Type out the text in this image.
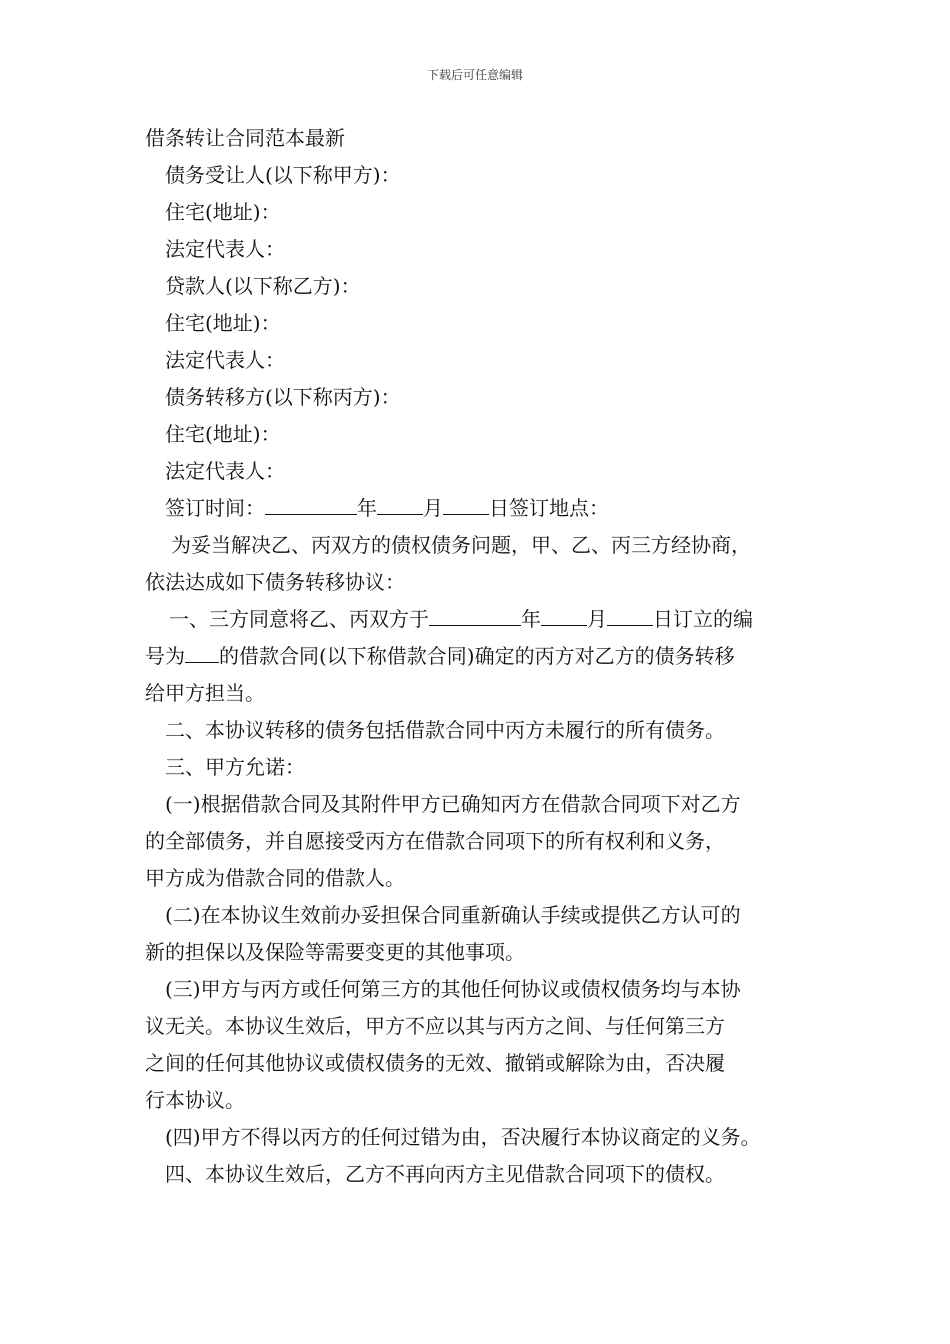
下载后可任意编辑
借条转让合同范本最新
债务受让人(以下称甲方)：
住宅(地址)：
法定代表人：
贷款人(以下称乙方)：
住宅(地址)：
法定代表人：
债务转移方(以下称丙方)：
住宅(地址)：
法定代表人：
签订时间：	年 月 日签订地点：
为妥当解决乙、丙双方的债权债务问题，甲、乙、丙三方经协商，
依法达成如下债务转移协议：
一、三方同意将乙、丙双方于	年 月 日订立的编
号为 的借款合同(以下称借款合同)确定的丙方对乙方的债务转移
给甲方担当。
二、本协议转移的债务包括借款合同中丙方未履行的所有债务。
三、甲方允诺：
(一)根据借款合同及其附件甲方已确知丙方在借款合同项下对乙方
的全部债务，并自愿接受丙方在借款合同项下的所有权利和义务，
甲方成为借款合同的借款人。
(二)在本协议生效前办妥担保合同重新确认手续或提供乙方认可的
新的担保以及保险等需要变更的其他事项。
(三)甲方与丙方或任何第三方的其他任何协议或债权债务均与本协
议无关。本协议生效后，甲方不应以其与丙方之间、与任何第三方
之间的任何其他协议或债权债务的无效、撤销或解除为由，否决履
行本协议。
(四)甲方不得以丙方的任何过错为由，否决履行本协议商定的义务。
四、本协议生效后，乙方不再向丙方主见借款合同项下的债权。
